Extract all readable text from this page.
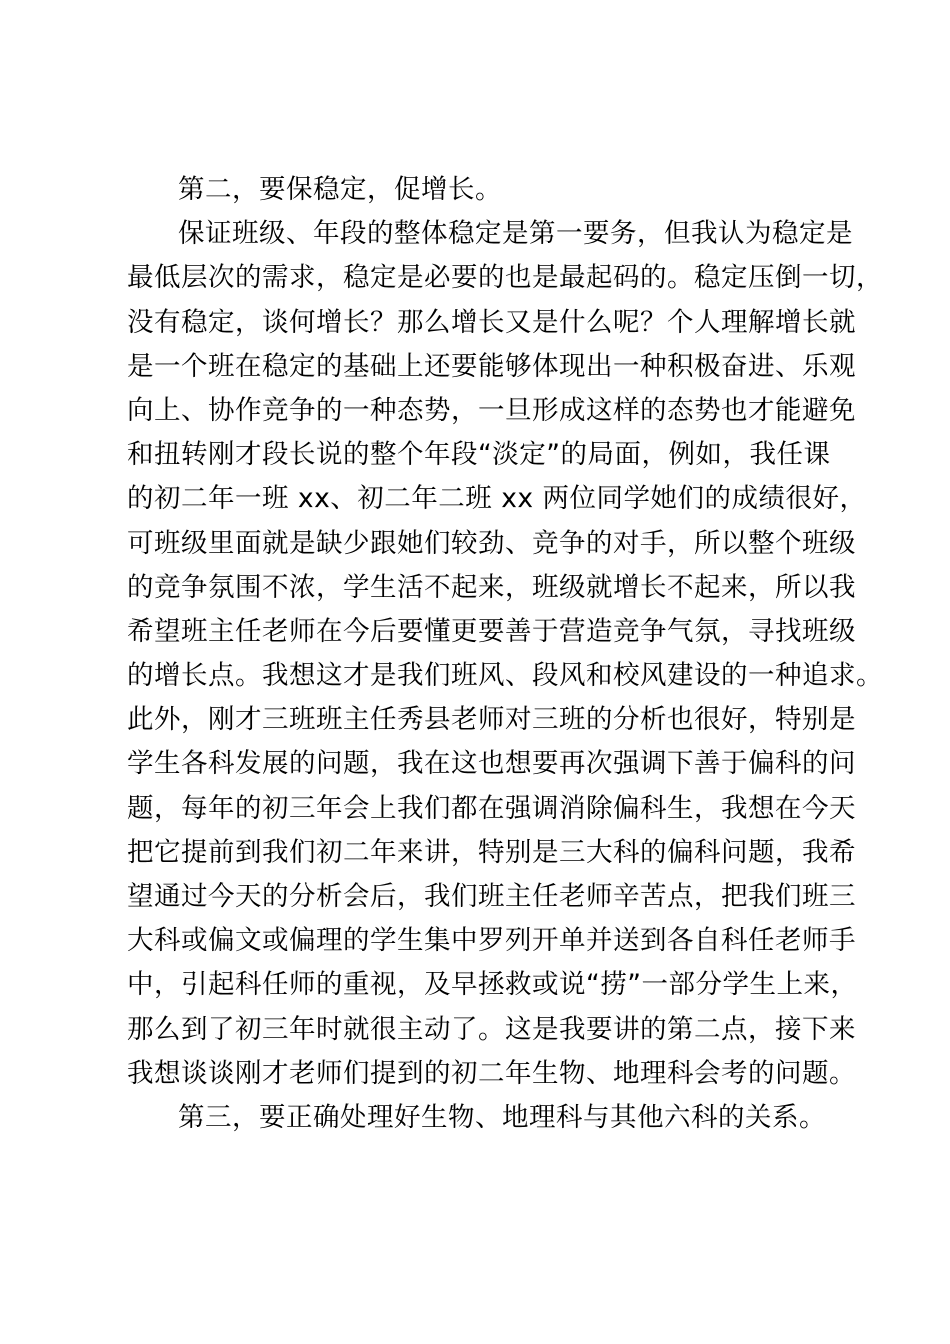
第二，要保稳定，促增长。
保证班级、年段的整体稳定是第一要务，但我认为稳定是
最低层次的需求，稳定是必要的也是最起码的。稳定压倒一切，
没有稳定，谈何增长？那么增长又是什么呢？个人理解增长就
是一个班在稳定的基础上还要能够体现出一种积极奋进、乐观
向上、协作竞争的一种态势，一旦形成这样的态势也才能避免
和扭转刚才段长说的整个年段“淡定”的局面，例如，我任课
的初二年一班 xx、初二年二班 xx 两位同学她们的成绩很好，
可班级里面就是缺少跟她们较劲、竞争的对手，所以整个班级
的竞争氛围不浓，学生活不起来，班级就增长不起来，所以我
希望班主任老师在今后要懂更要善于营造竞争气氛，寻找班级
的增长点。我想这才是我们班风、段风和校风建设的一种追求。
此外，刚才三班班主任秀县老师对三班的分析也很好，特别是
学生各科发展的问题，我在这也想要再次强调下善于偏科的问
题，每年的初三年会上我们都在强调消除偏科生，我想在今天
把它提前到我们初二年来讲，特别是三大科的偏科问题，我希
望通过今天的分析会后，我们班主任老师辛苦点，把我们班三
大科或偏文或偏理的学生集中罗列开单并送到各自科任老师手
中，引起科任师的重视，及早拯救或说“捞”一部分学生上来，
那么到了初三年时就很主动了。这是我要讲的第二点，接下来
我想谈谈刚才老师们提到的初二年生物、地理科会考的问题。
第三，要正确处理好生物、地理科与其他六科的关系。
